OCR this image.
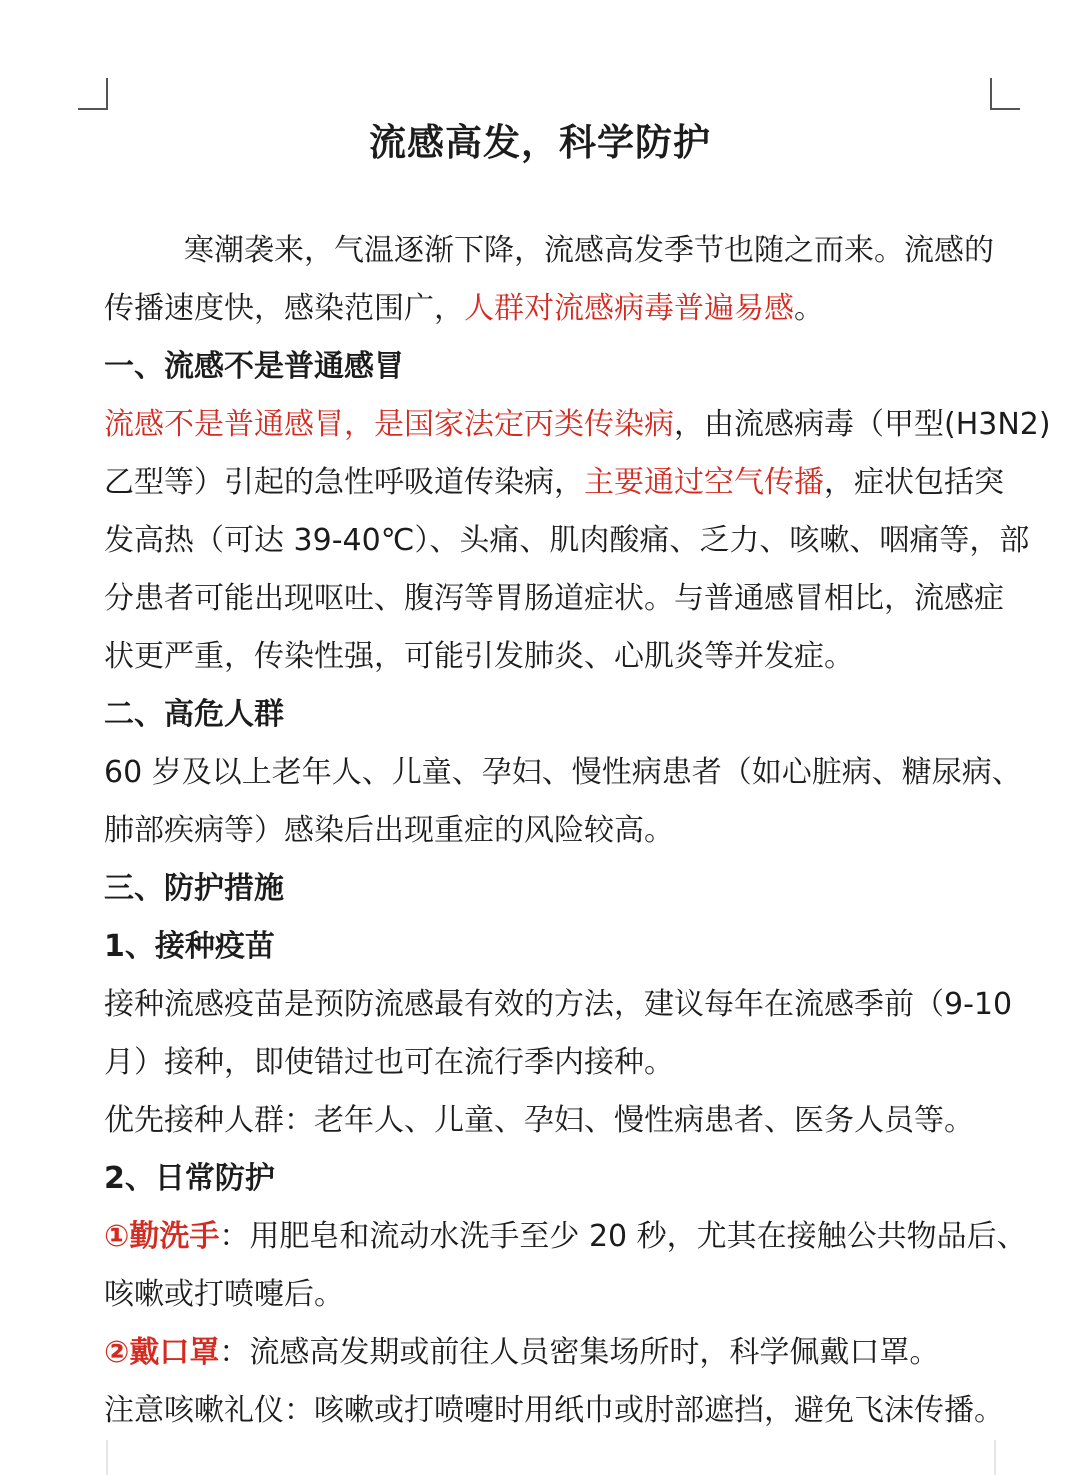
流感高发，科学防护
寒潮袭来，气温逐渐下降，流感高发季节也随之而来。流感的
传播速度快，感染范围广，人群对流感病毒普遍易感。
一、流感不是普通感冒
流感不是普通感冒，是国家法定丙类传染病，由流感病毒（甲型(H3N2)
乙型等）引起的急性呼吸道传染病，主要通过空气传播，症状包括突
发高热（可达 39-40℃）、头痛、肌肉酸痛、乏力、咳嗽、咽痛等，部
分患者可能出现呕吐、腹泻等胃肠道症状。与普通感冒相比，流感症
状更严重，传染性强，可能引发肺炎、心肌炎等并发症。
二、高危人群
60 岁及以上老年人、儿童、孕妇、慢性病患者（如心脏病、糖尿病、
肺部疾病等）感染后出现重症的风险较高。
三、防护措施
1、接种疫苗
接种流感疫苗是预防流感最有效的方法，建议每年在流感季前（9-10
月）接种，即使错过也可在流行季内接种。
优先接种人群：老年人、儿童、孕妇、慢性病患者、医务人员等。
2、日常防护
①勤洗手：用肥皂和流动水洗手至少 20 秒，尤其在接触公共物品后、
咳嗽或打喷嚏后。
②戴口罩：流感高发期或前往人员密集场所时，科学佩戴口罩。
注意咳嗽礼仪：咳嗽或打喷嚏时用纸巾或肘部遮挡，避免飞沫传播。
